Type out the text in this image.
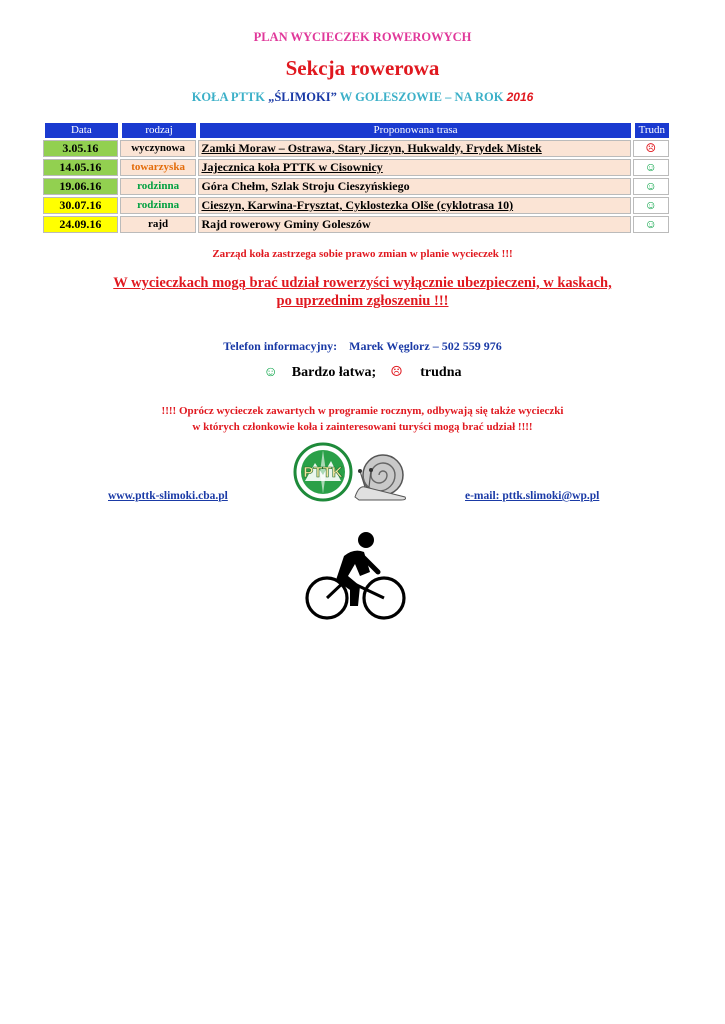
PLAN WYCIECZEK ROWEROWYCH
Sekcja rowerowa
KOŁA PTTK „ŚLIMOKI” W GOLESZOWIE – NA ROK 2016
Data	rodzaj	Proponowana trasa	Trudn
3.05.16	wyczynowa	Zamki Moraw – Ostrawa, Stary Jiczyn, Hukwaldy, Frydek Mistek	☹
14.05.16	towarzyska	Jajecznica koła PTTK w Cisownicy	☺
19.06.16	rodzinna	Góra Chełm, Szlak Stroju Cieszyńskiego	☺
30.07.16	rodzinna	Cieszyn, Karwina-Frysztat, Cyklostezka Olše (cyklotrasa 10)	☺
24.09.16	rajd	Rajd rowerowy Gminy Goleszów	☺
Zarząd koła zastrzega sobie prawo zmian w planie wycieczek !!!
W wycieczkach mogą brać udział rowerzyści wyłącznie ubezpieczeni, w kaskach,
po uprzednim zgłoszeniu !!!
Telefon informacyjny: Marek Węglorz – 502 559 976
☺ Bardzo łatwa; ☹ trudna
!!!! Oprócz wycieczek zawartych w programie rocznym, odbywają się także wycieczki
w których członkowie koła i zainteresowani turyści mogą brać udział !!!!
PTTK
www.pttk-slimoki.cba.pl	e-mail: pttk.slimoki@wp.pl
